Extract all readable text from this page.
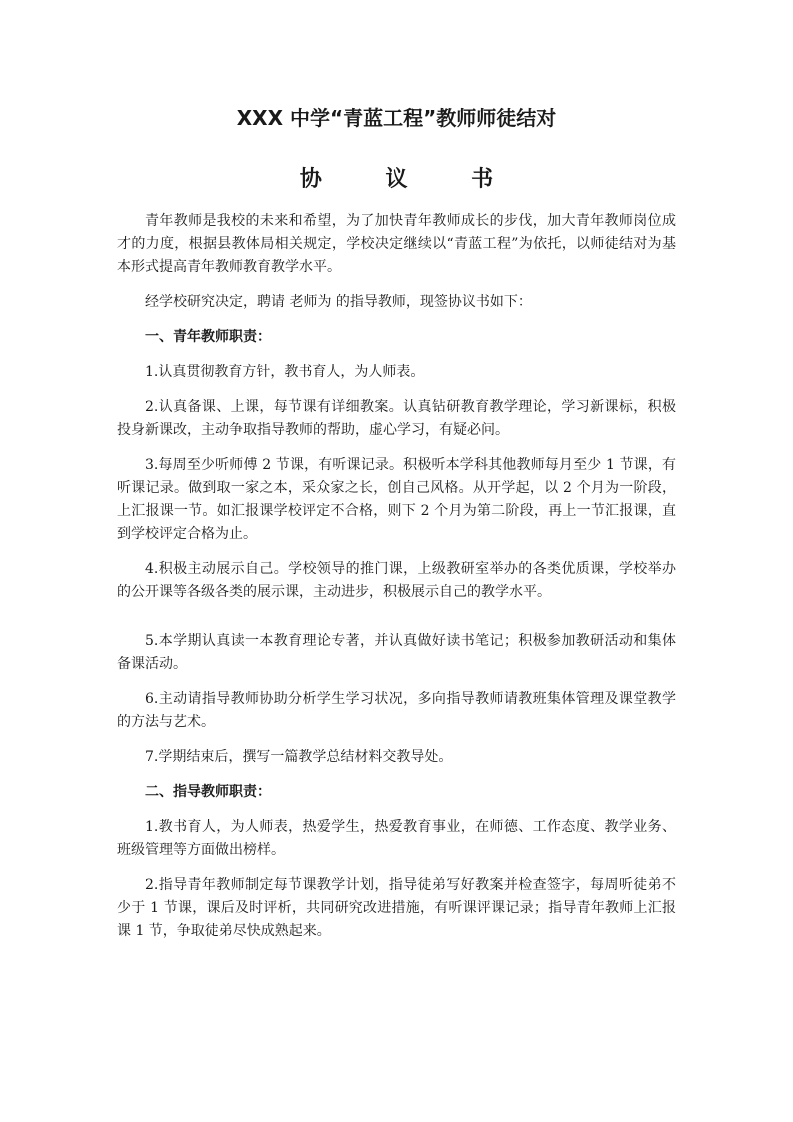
XXX 中学“青蓝工程”教师师徒结对
协 议 书

青年教师是我校的未来和希望，为了加快青年教师成长的步伐，加大青年教师岗位成才的力度，根据县教体局相关规定，学校决定继续以“青蓝工程”为依托，以师徒结对为基本形式提高青年教师教育教学水平。

经学校研究决定，聘请 老师为 的指导教师，现签协议书如下：

一、青年教师职责：

1.认真贯彻教育方针，教书育人，为人师表。

2.认真备课、上课，每节课有详细教案。认真钻研教育教学理论，学习新课标，积极投身新课改，主动争取指导教师的帮助，虚心学习，有疑必问。

3.每周至少听师傅 2 节课，有听课记录。积极听本学科其他教师每月至少 1 节课，有听课记录。做到取一家之本，采众家之长，创自己风格。从开学起，以 2 个月为一阶段，上汇报课一节。如汇报课学校评定不合格，则下 2 个月为第二阶段，再上一节汇报课，直到学校评定合格为止。

4.积极主动展示自己。学校领导的推门课，上级教研室举办的各类优质课，学校举办的公开课等各级各类的展示课，主动进步，积极展示自己的教学水平。

5.本学期认真读一本教育理论专著，并认真做好读书笔记；积极参加教研活动和集体备课活动。

6.主动请指导教师协助分析学生学习状况，多向指导教师请教班集体管理及课堂教学的方法与艺术。

7.学期结束后，撰写一篇教学总结材料交教导处。

二、指导教师职责：

1.教书育人，为人师表，热爱学生，热爱教育事业，在师德、工作态度、教学业务、班级管理等方面做出榜样。

2.指导青年教师制定每节课教学计划，指导徒弟写好教案并检查签字，每周听徒弟不少于 1 节课，课后及时评析，共同研究改进措施，有听课评课记录；指导青年教师上汇报课 1 节，争取徒弟尽快成熟起来。
